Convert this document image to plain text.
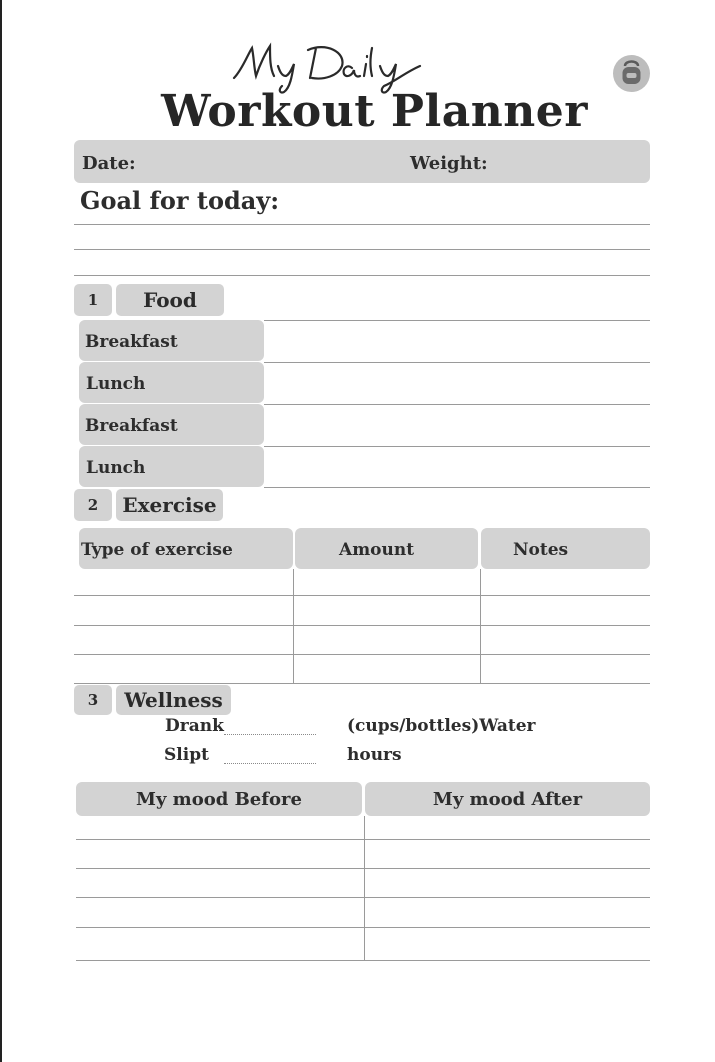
Workout Planner
Date:	Weight:
Goal for today:
1	Food
Breakfast
Lunch
Breakfast
Lunch
2	Exercise
Type of exercise	Amount	Notes
3	Wellness
Drank	(cups/bottles)Water
Slipt	hours
My mood Before	My mood After
